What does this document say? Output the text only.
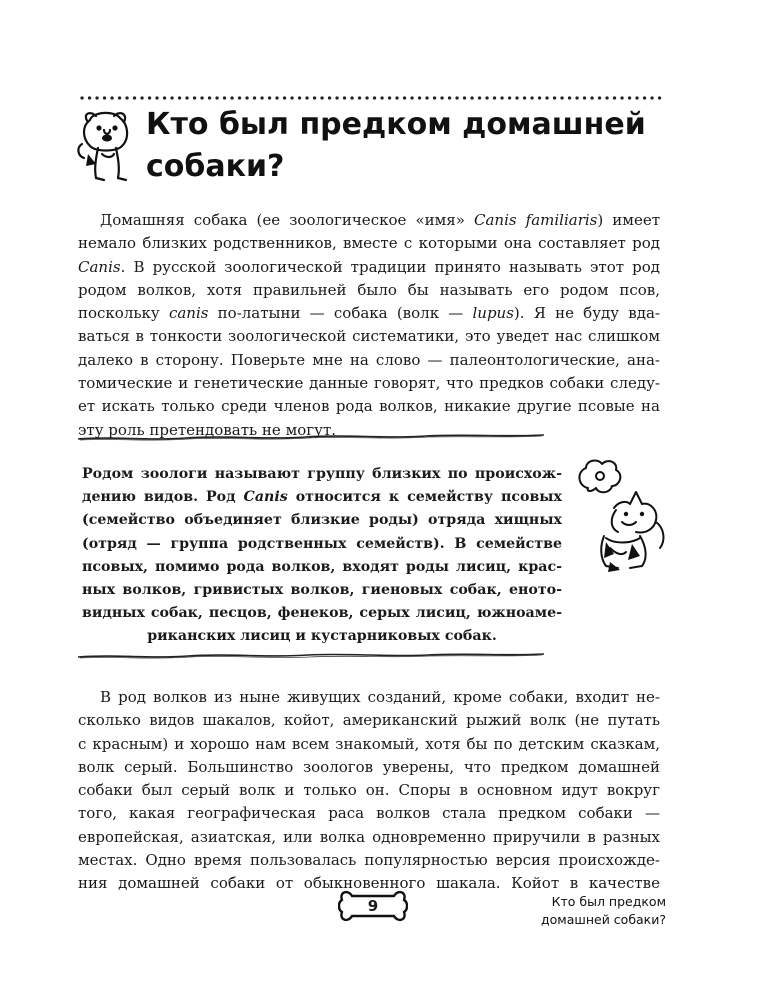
Кто был предком домашней
собаки?
Домашняя собака (ее зоологическое «имя» Canis familiaris) имеет
немало близких родственников, вместе с которыми она составляет род
Canis. В русской зоологической традиции принято называть этот род
родом волков, хотя правильней было бы называть его родом псов,
поскольку canis по-латыни — собака (волк — lupus). Я не буду вда-
ваться в тонкости зоологической систематики, это уведет нас слишком
далеко в сторону. Поверьте мне на слово — палеонтологические, ана-
томические и генетические данные говорят, что предков собаки следу-
ет искать только среди членов рода волков, никакие другие псовые на
эту роль претендовать не могут.
Родом зоологи называют группу близких по происхож-
дению видов. Род Canis относится к семейству псовых
(семейство объединяет близкие роды) отряда хищных
(отряд — группа родственных семейств). В семействе
псовых, помимо рода волков, входят роды лисиц, крас-
ных волков, гривистых волков, гиеновых собак, еното-
видных собак, песцов, фенеков, серых лисиц, южноаме-
риканских лисиц и кустарниковых собак.
В род волков из ныне живущих созданий, кроме собаки, входит не-
сколько видов шакалов, койот, американский рыжий волк (не путать
с красным) и хорошо нам всем знакомый, хотя бы по детским сказкам,
волк серый. Большинство зоологов уверены, что предком домашней
собаки был серый волк и только он. Споры в основном идут вокруг
того, какая географическая раса волков стала предком собаки —
европейская, азиатская, или волка одновременно приручили в разных
местах. Одно время пользовалась популярностью версия происхожде-
ния домашней собаки от обыкновенного шакала. Койот в качестве
9	Кто был предком
домашней собаки?
